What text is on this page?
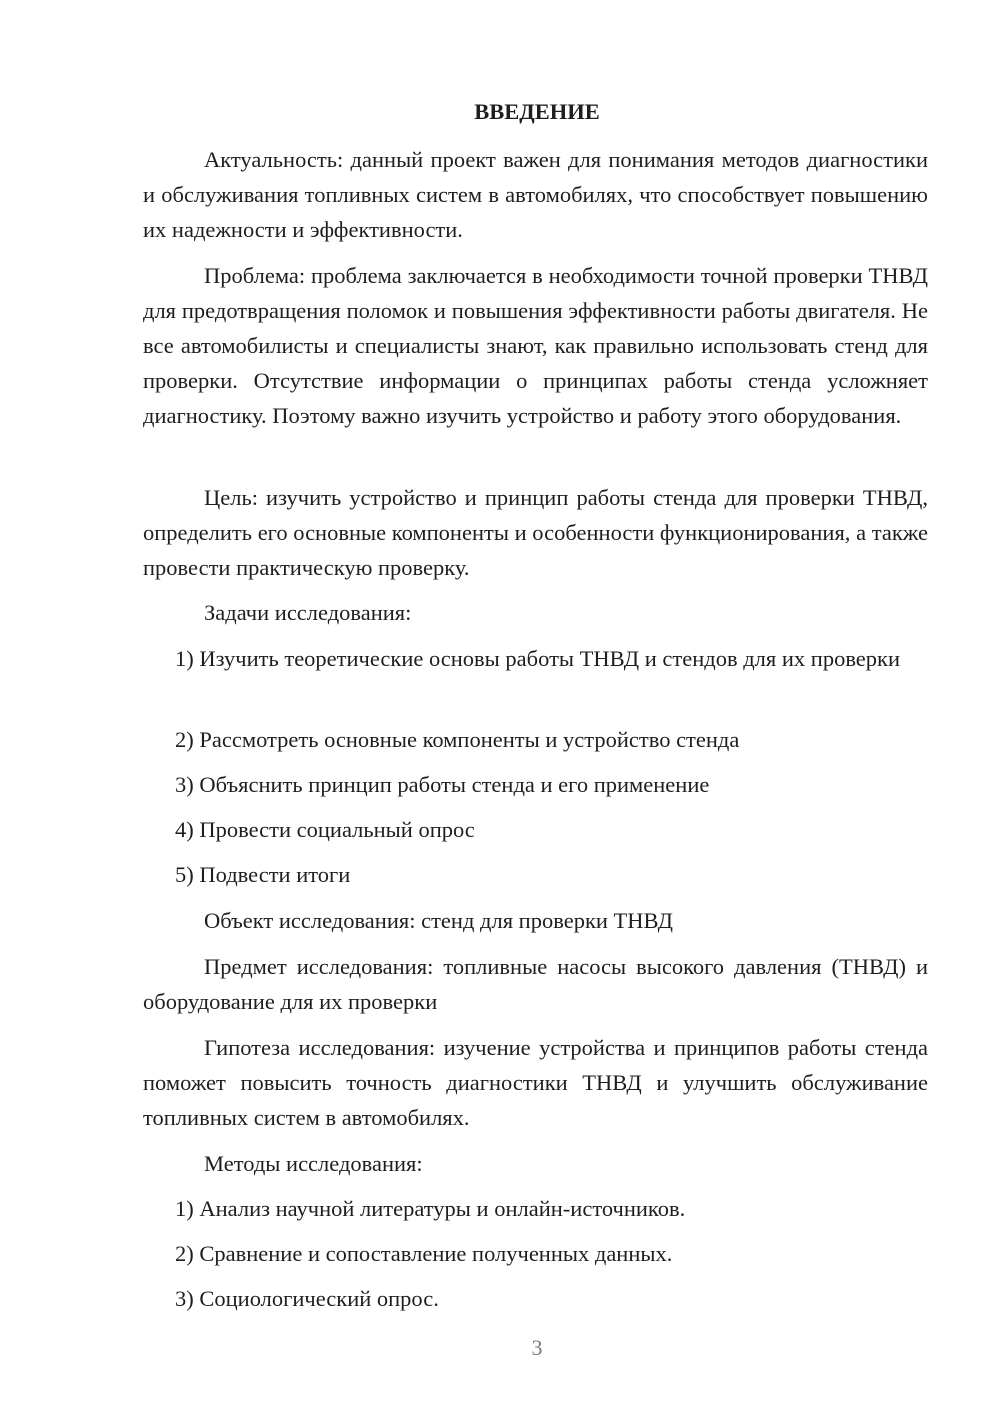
ВВЕДЕНИЕ

Актуальность: данный проект важен для понимания методов диагностики и обслуживания топливных систем в автомобилях, что способствует повышению их надежности и эффективности.

Проблема: проблема заключается в необходимости точной проверки ТНВД для предотвращения поломок и повышения эффективности работы двигателя. Не все автомобилисты и специалисты знают, как правильно использовать стенд для проверки. Отсутствие информации о принципах работы стенда усложняет диагностику. Поэтому важно изучить устройство и работу этого оборудования.

Цель: изучить устройство и принцип работы стенда для проверки ТНВД, определить его основные компоненты и особенности функционирования, а также провести практическую проверку.

Задачи исследования:

1) Изучить теоретические основы работы ТНВД и стендов для их проверки

2) Рассмотреть основные компоненты и устройство стенда

3) Объяснить принцип работы стенда и его применение

4) Провести социальный опрос

5) Подвести итоги

Объект исследования: стенд для проверки ТНВД

Предмет исследования: топливные насосы высокого давления (ТНВД) и оборудование для их проверки

Гипотеза исследования: изучение устройства и принципов работы стенда поможет повысить точность диагностики ТНВД и улучшить обслуживание топливных систем в автомобилях.

Методы исследования:

1) Анализ научной литературы и онлайн-источников.

2) Сравнение и сопоставление полученных данных.

3) Социологический опрос.

3
